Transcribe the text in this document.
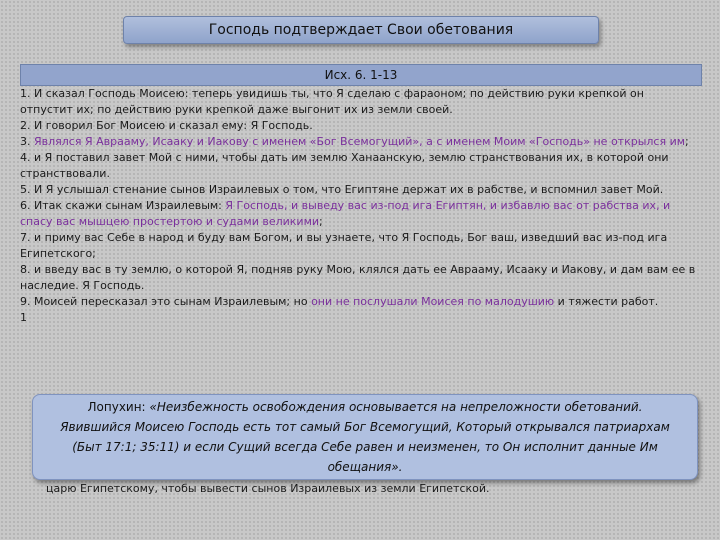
Господь подтверждает Свои обетования
Исх. 6. 1-13

1. И сказал Господь Моисею: теперь увидишь ты, что Я сделаю с фараоном; по действию руки крепкой он отпустит их; по действию руки крепкой даже выгонит их из земли своей.

2. И говорил Бог Моисею и сказал ему: Я Господь.

3. Являлся Я Аврааму, Исааку и Иакову с именем «Бог Всемогущий», а с именем Моим «Господь» не открылся им;

4. и Я поставил завет Мой с ними, чтобы дать им землю Ханаанскую, землю странствования их, в которой они странствовали.

5. И Я услышал стенание сынов Израилевых о том, что Египтяне держат их в рабстве, и вспомнил завет Мой.

6. Итак скажи сынам Израилевым: Я Господь, и выведу вас из-под ига Египтян, и избавлю вас от рабства их, и спасу вас мышцею простертою и судами великими;

7. и приму вас Себе в народ и буду вам Богом, и вы узнаете, что Я Господь, Бог ваш, изведший вас из-под ига Египетского;

8. и введу вас в ту землю, о которой Я, подняв руку Мою, клялся дать ее Аврааму, Исааку и Иакову, и дам вам ее в наследие. Я Господь.

9. Моисей пересказал это сынам Израилевым; но они не послушали Моисея по малодушию и тяжести работ.

1

царю Египетскому, чтобы вывести сынов Израилевых из земли Египетской.
Лопухин: «Неизбежность освобождения основывается на непреложности обетований. Явившийся Моисею Господь есть тот самый Бог Всемогущий, Который открывался патриархам (Быт 17:1; 35:11) и если Сущий всегда Себе равен и неизменен, то Он исполнит данные Им обещания».
